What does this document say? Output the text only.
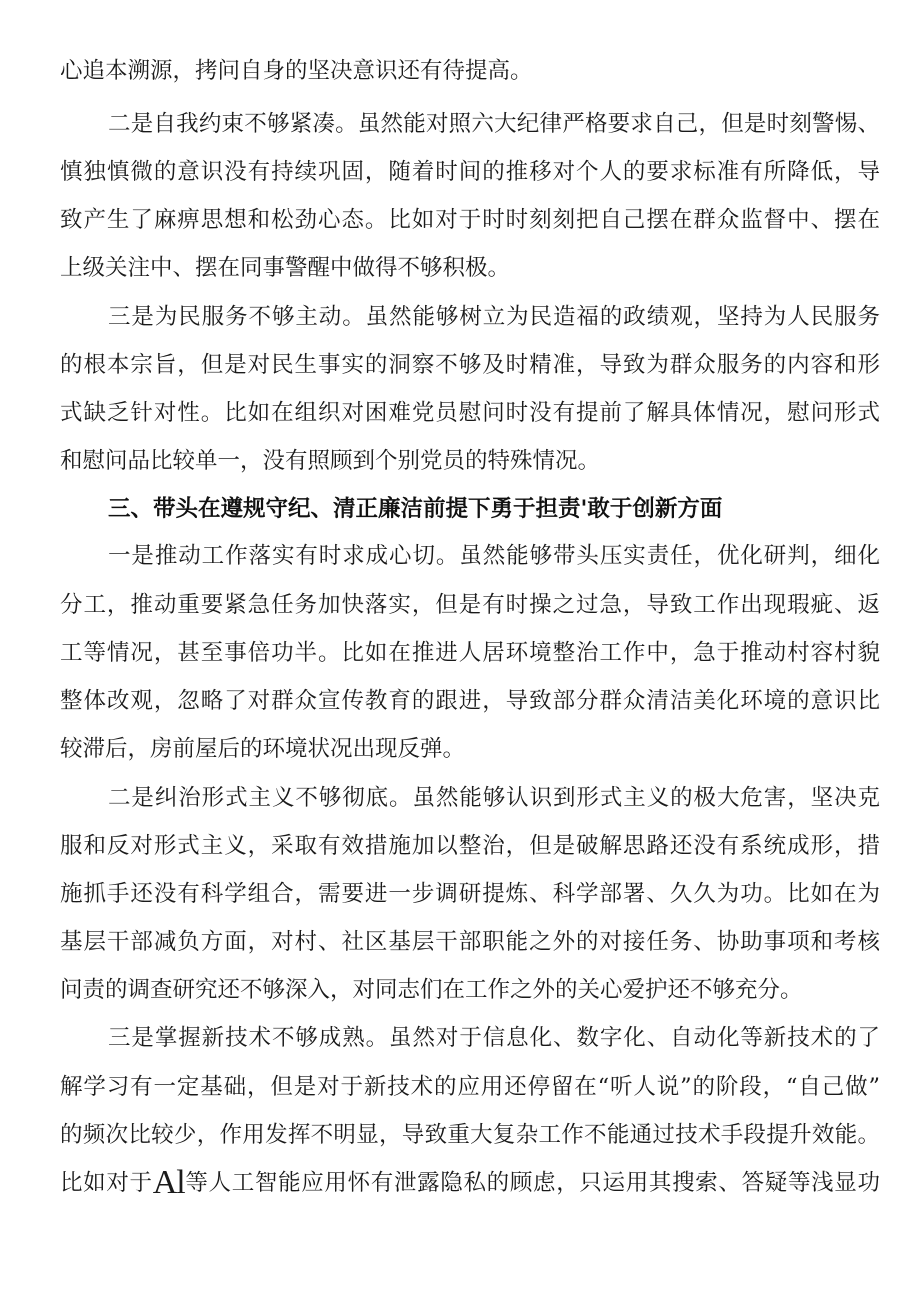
心追本溯源，拷问自身的坚决意识还有待提高。
二是自我约束不够紧凑。虽然能对照六大纪律严格要求自己，但是时刻警惕、
慎独慎微的意识没有持续巩固，随着时间的推移对个人的要求标准有所降低，导
致产生了麻痹思想和松劲心态。比如对于时时刻刻把自己摆在群众监督中、摆在
上级关注中、摆在同事警醒中做得不够积极。
三是为民服务不够主动。虽然能够树立为民造福的政绩观，坚持为人民服务
的根本宗旨，但是对民生事实的洞察不够及时精准，导致为群众服务的内容和形
式缺乏针对性。比如在组织对困难党员慰问时没有提前了解具体情况，慰问形式
和慰问品比较单一，没有照顾到个别党员的特殊情况。
三、带头在遵规守纪、清正廉洁前提下勇于担责'敢于创新方面
一是推动工作落实有时求成心切。虽然能够带头压实责任，优化研判，细化
分工，推动重要紧急任务加快落实，但是有时操之过急，导致工作出现瑕疵、返
工等情况，甚至事倍功半。比如在推进人居环境整治工作中，急于推动村容村貌
整体改观，忽略了对群众宣传教育的跟进，导致部分群众清洁美化环境的意识比
较滞后，房前屋后的环境状况出现反弹。
二是纠治形式主义不够彻底。虽然能够认识到形式主义的极大危害，坚决克
服和反对形式主义，采取有效措施加以整治，但是破解思路还没有系统成形，措
施抓手还没有科学组合，需要进一步调研提炼、科学部署、久久为功。比如在为
基层干部减负方面，对村、社区基层干部职能之外的对接任务、协助事项和考核
问责的调查研究还不够深入，对同志们在工作之外的关心爱护还不够充分。
三是掌握新技术不够成熟。虽然对于信息化、数字化、自动化等新技术的了
解学习有一定基础，但是对于新技术的应用还停留在“听人说”的阶段，“自己做”
的频次比较少，作用发挥不明显，导致重大复杂工作不能通过技术手段提升效能。
比如对于Al等人工智能应用怀有泄露隐私的顾虑，只运用其搜索、答疑等浅显功
